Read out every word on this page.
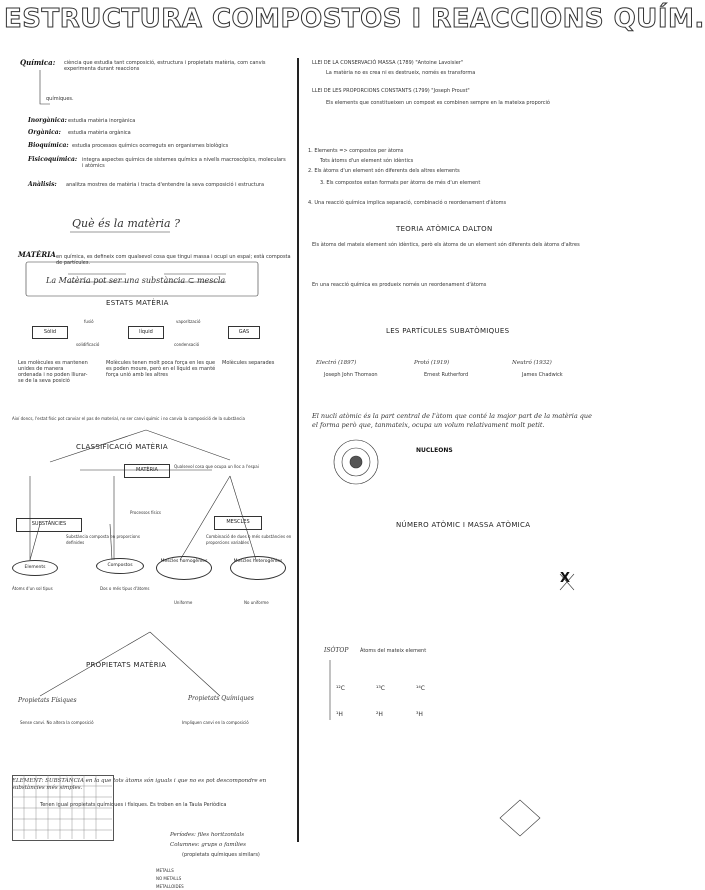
ESTRUCTURA COMPOSTOS I REACCIONS QUÍM.
Química: ciència que estudia tant composició, estructura i propietats matèria, com canvis experimenta durant reaccions
químiques.
Inorgànica: estudia matèria inorgànica
Orgànica: estudia matèria orgànica
Bioquímica: estudia processos químics ocorreguts en organismes biològics
Fisicoquímica: integra aspectes químics de sistemes químics a nivells macroscòpics, moleculars i atòmics
Anàlisis: analitza mostres de matèria i tracta d'entendre la seva composició i estructura
Què és la matèria ?
MATÈRIA en química, es defineix com qualsevol cosa que tingui massa i ocupi un espai; està composta de partícules.
La Matèria pot ser una substància ⊂ mescla
ESTATS MATÈRIA
Sòlid	líquid	GAS
fusió	vaporització
solidificació	condensació
Les molècules es mantenen unides de manera ordenada i no poden lliurar-se de la seva posició
Molècules tenen molt poca força en les que es poden moure, però en el líquid es manté força unió amb les altres
Molècules separades
Així doncs, l'estat físic pot canviar el pas de material, no ser canvi químic i no canvia la composició de la substància
CLASSIFICACIÓ MATÈRIA
MATÈRIA
Qualsevol cosa que ocupa un lloc a l'espai
SUBSTÀNCIES	MESCLES
Processos físics
Substància composta en proporcions definides
Combinació de dues o més substàncies en proporcions variables
Elements	Compostos
Mescles homogènies	Mescles heterogènies
Àtoms d'un sol tipus	Dos o més tipus d'àtoms
Uniforme	No uniforme
PROPIETATS MATÈRIA
Propietats Físiques	Propietats Químiques
Sense canvi. No altera la composició	Impliquen canvi en la composició
ELEMENT: SUBSTÀNCIA en la que tots àtoms són iguals i que no es pot descompondre en substàncies més simples.
Tenen igual propietats químiques i físiques. Es troben en la Taula Periòdica
Períodes: files horitzontals
Columnes: grups o famílies
(propietats químiques similars)
METALLS
NO METALLS
METALLOIDES
LLEI DE LA CONSERVACIÓ MASSA (1789) "Antoine Lavoisier"
La matèria no es crea ni es destrueix, només es transforma
LLEI DE LES PROPORCIONS CONSTANTS (1799) "Joseph Proust"
Els elements que constitueixen un compost es combinen sempre en la mateixa proporció
1. Elements => compostos per àtoms
Tots àtoms d'un element són idèntics
2. Els àtoms d'un element són diferents dels altres elements
3. Els compostos estan formats per àtoms de més d'un element
4. Una reacció química implica separació, combinació o reordenament d'àtoms
TEORIA ATÒMICA DALTON
Els àtoms del mateix element són idèntics, però els àtoms de un element són diferents dels àtoms d'altres
En una reacció química es produeix només un reordenament d'àtoms
LES PARTÍCULES SUBATÒMIQUES
Electró (1897)
Joseph John Thomson
Protó (1919)
Ernest Rutherford
Neutró (1932)
James Chadwick
El nucli atòmic és la part central de l'àtom que conté la major part de la matèria que el forma però que, tanmateix, ocupa un volum relativament molt petit.
NUCLEONS
NÚMERO ATÒMIC I MASSA ATÒMICA
X
ISÒTOP Àtoms del mateix element
¹²C	¹³C	¹⁴C
¹H	²H	³H
